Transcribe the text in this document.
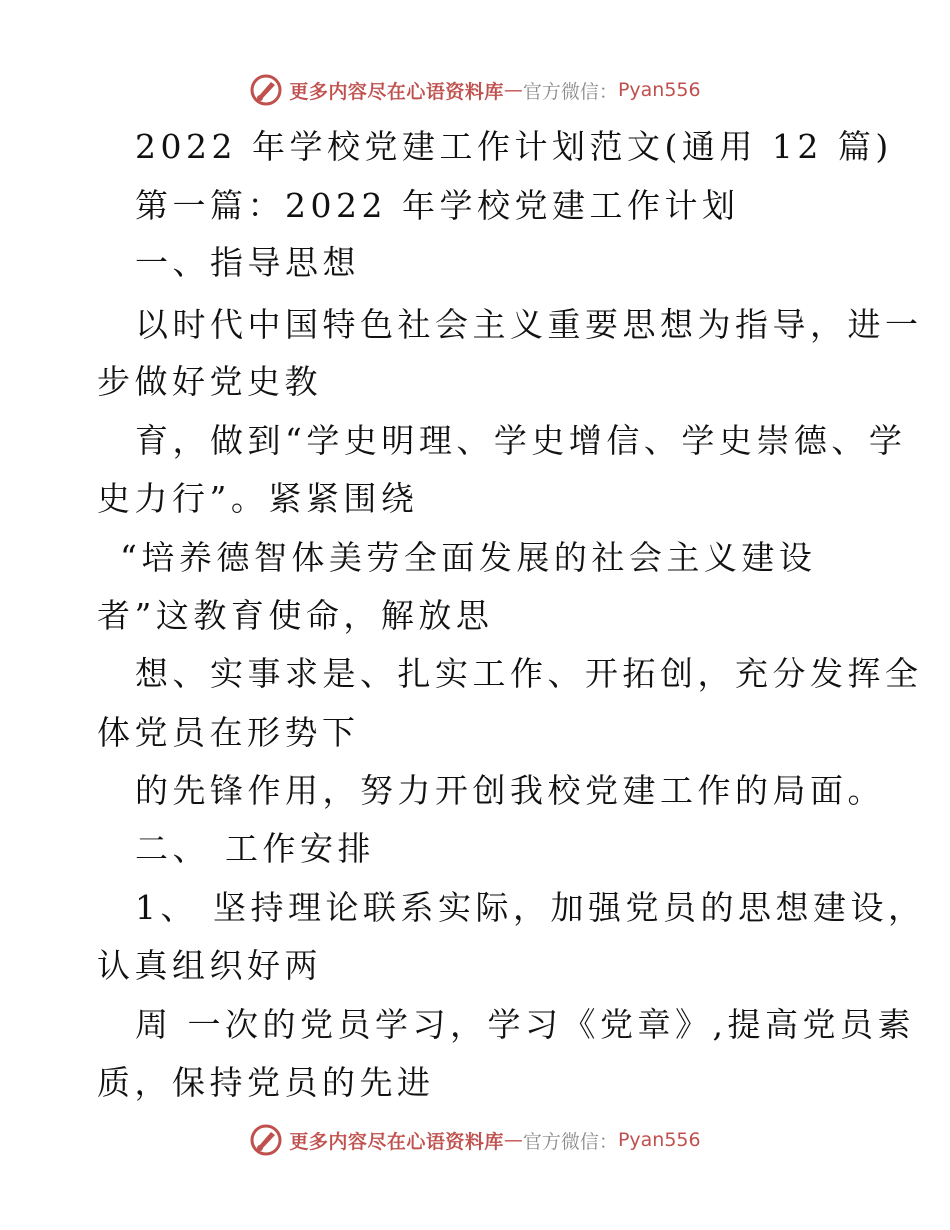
更多内容尽在心语资料库 — 官方微信： Pyan556
2022 年学校党建工作计划范文(通用 12 篇)
第一篇：2022 年学校党建工作计划
一、指导思想
以时代中国特色社会主义重要思想为指导，进一
步做好党史教
育，做到“学史明理、学史增信、学史崇德、学
史力行”。紧紧围绕
“培养德智体美劳全面发展的社会主义建设
者”这教育使命，解放思
想、实事求是、扎实工作、开拓创，充分发挥全
体党员在形势下
的先锋作用，努力开创我校党建工作的局面。
二、 工作安排
1、 坚持理论联系实际，加强党员的思想建设，
认真组织好两
周 一次的党员学习，学习《党章》,提高党员素
质，保持党员的先进
更多内容尽在心语资料库 — 官方微信： Pyan556
